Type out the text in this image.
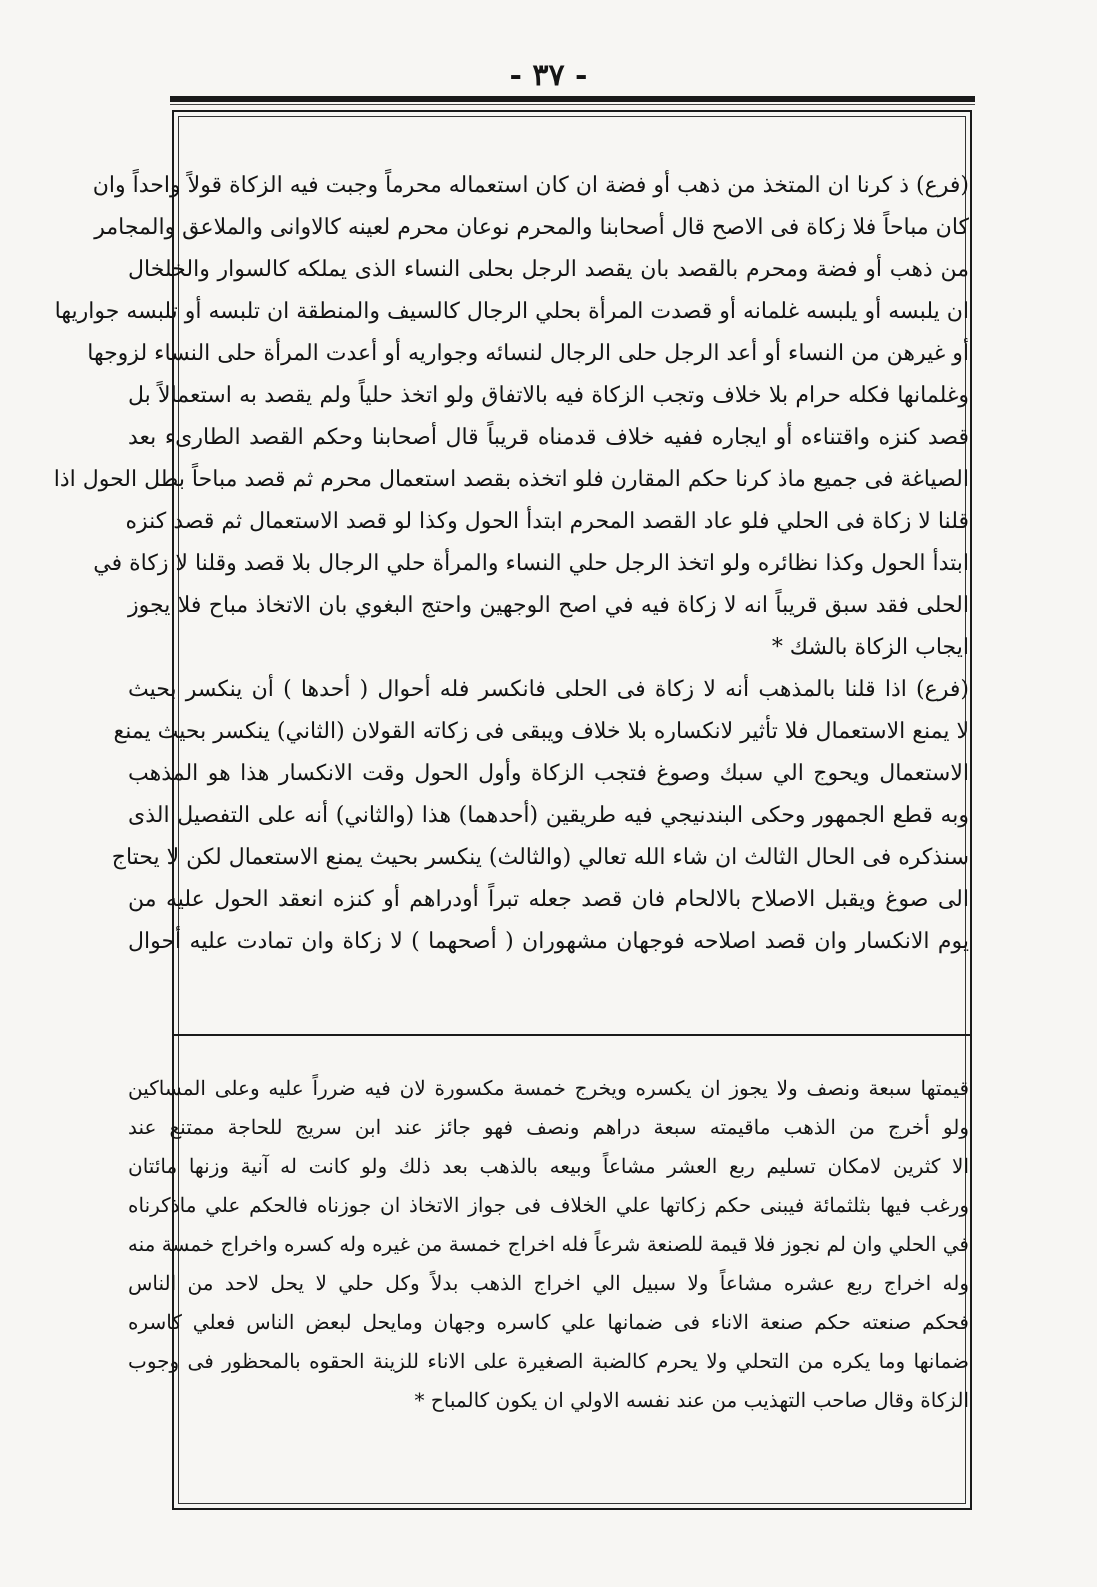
- ٣٧ -

(فرع) ذ كرنا ان المتخذ من ذهب أو فضة ان كان استعماله محرماً وجبت فيه الزكاة قولاً واحداً وان

كان مباحاً فلا زكاة فى الاصح قال أصحابنا والمحرم نوعان محرم لعينه كالاوانى والملاعق والمجامر

من ذهب أو فضة ومحرم بالقصد بان يقصد الرجل بحلى النساء الذى يملكه كالسوار والخلخال

ان يلبسه أو يلبسه غلمانه أو قصدت المرأة بحلي الرجال كالسيف والمنطقة ان تلبسه أو تلبسه جواريها

أو غيرهن من النساء أو أعد الرجل حلى الرجال لنسائه وجواريه أو أعدت المرأة حلى النساء لزوجها

وغلمانها فكله حرام بلا خلاف وتجب الزكاة فيه بالاتفاق ولو اتخذ حلياً ولم يقصد به استعمالاً بل

قصد كنزه واقتناءه أو ايجاره ففيه خلاف قدمناه قريباً قال أصحابنا وحكم القصد الطارىء بعد

الصياغة فى جميع ماذ كرنا حكم المقارن فلو اتخذه بقصد استعمال محرم ثم قصد مباحاً بطل الحول اذا

قلنا لا زكاة فى الحلي فلو عاد القصد المحرم ابتدأ الحول وكذا لو قصد الاستعمال ثم قصد كنزه

ابتدأ الحول وكذا نظائره ولو اتخذ الرجل حلي النساء والمرأة حلي الرجال بلا قصد وقلنا لا زكاة في

الحلى فقد سبق قريباً انه لا زكاة فيه في اصح الوجهين واحتج البغوي بان الاتخاذ مباح فلا يجوز

ايجاب الزكاة بالشك *

(فرع) اذا قلنا بالمذهب أنه لا زكاة فى الحلى فانكسر فله أحوال ( أحدها ) أن ينكسر بحيث

لا يمنع الاستعمال فلا تأثير لانكساره بلا خلاف ويبقى فى زكاته القولان (الثاني) ينكسر بحيث يمنع

الاستعمال ويحوج الي سبك وصوغ فتجب الزكاة وأول الحول وقت الانكسار هذا هو المذهب

وبه قطع الجمهور وحكى البندنيجي فيه طريقين (أحدهما) هذا (والثاني) أنه على التفصيل الذى

سنذكره فى الحال الثالث ان شاء الله تعالي (والثالث) ينكسر بحيث يمنع الاستعمال لكن لا يحتاج

الى صوغ ويقبل الاصلاح بالالحام فان قصد جعله تبراً أودراهم أو كنزه انعقد الحول عليه من

يوم الانكسار وان قصد اصلاحه فوجهان مشهوران ( أصحهما ) لا زكاة وان تمادت عليه أحوال

قيمتها سبعة ونصف ولا يجوز ان يكسره ويخرج خمسة مكسورة لان فيه ضرراً عليه وعلى المساكين

ولو أخرج من الذهب ماقيمته سبعة دراهم ونصف فهو جائز عند ابن سريج للحاجة ممتنع عند

الا كثرين لامكان تسليم ربع العشر مشاعاً وبيعه بالذهب بعد ذلك ولو كانت له آنية وزنها مائتان

ورغب فيها بثلثمائة فيبنى حكم زكاتها علي الخلاف فى جواز الاتخاذ ان جوزناه فالحكم علي ماذكرناه

في الحلي وان لم نجوز فلا قيمة للصنعة شرعاً فله اخراج خمسة من غيره وله كسره واخراج خمسة منه

وله اخراج ربع عشره مشاعاً ولا سبيل الي اخراج الذهب بدلاً وكل حلي لا يحل لاحد من الناس

فحكم صنعته حكم صنعة الاناء فى ضمانها علي كاسره وجهان ومايحل لبعض الناس فعلي كاسره

ضمانها وما يكره من التحلي ولا يحرم كالضبة الصغيرة على الاناء للزينة الحقوه بالمحظور فى وجوب

الزكاة وقال صاحب التهذيب من عند نفسه الاولي ان يكون كالمباح *
